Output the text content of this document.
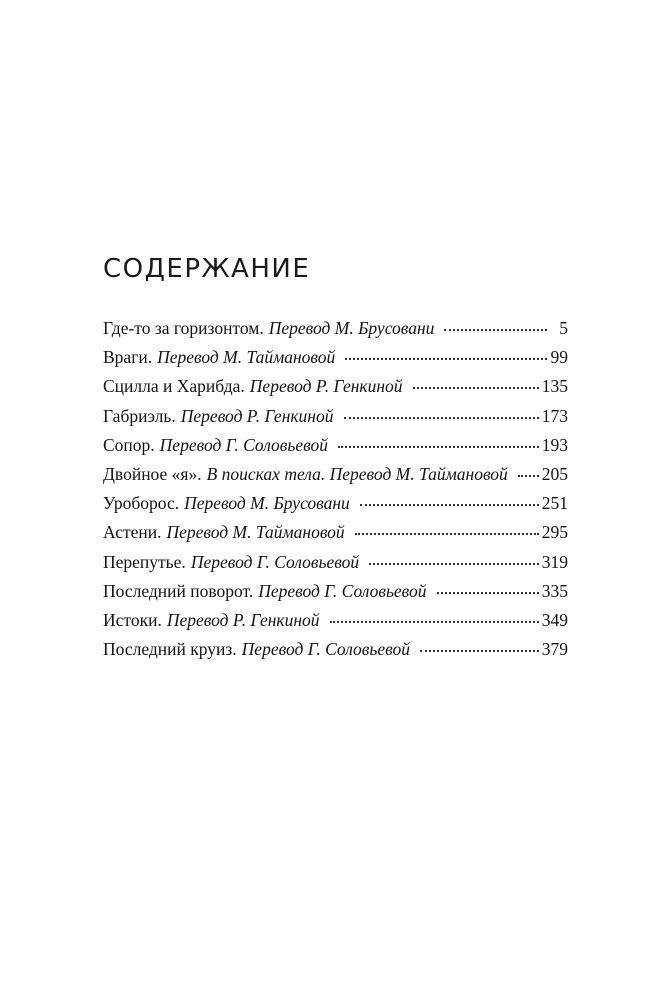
СОДЕРЖАНИЕ
Где-то за горизонтом. Перевод М. Брусовани	5
Враги. Перевод М. Таймановой	99
Сцилла и Харибда. Перевод Р. Генкиной	135
Габриэль. Перевод Р. Генкиной	173
Сопор. Перевод Г. Соловьевой	193
Двойное «я». В поисках тела. Перевод М. Таймановой 205
Уроборос. Перевод М. Брусовани	251
Астени. Перевод М. Таймановой	295
Перепутье. Перевод Г. Соловьевой	319
Последний поворот. Перевод Г. Соловьевой	335
Истоки. Перевод Р. Генкиной	349
Последний круиз. Перевод Г. Соловьевой	379
